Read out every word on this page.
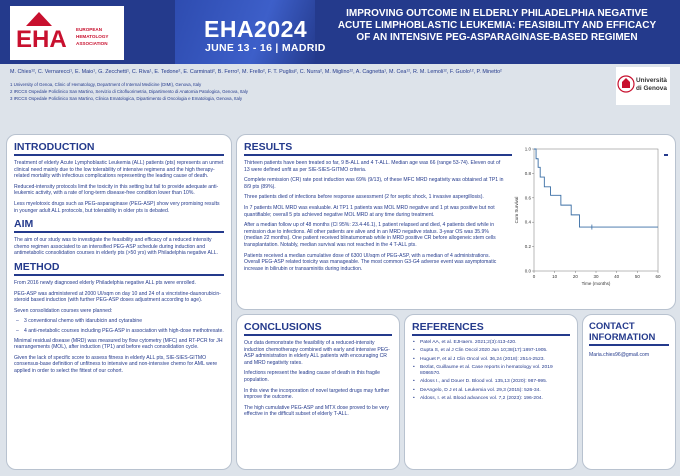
EHA EUROPEAN
HEMATOLOGY
ASSOCIATION
EHA2024
JUNE 13 - 16 | MADRID
IMPROVING OUTCOME IN ELDERLY PHILADELPHIA NEGATIVE
ACUTE LIMPHOBLASTIC LEUKEMIA: FEASIBILITY AND EFFICACY
OF AN INTENSIVE PEG-ASPARAGINASE-BASED REGIMEN
M. Chies¹², C. Vernarecci¹, E. Maio¹, G. Zecchetti¹, C. Riva¹, E. Tedone², E. Carminati², B. Ferro², M. Frello², F. T. Puglisi², C. Nurra², M. Miglino¹², A. Cagnetta¹, M. Cea¹², R. M. Lemoli¹², F. Guolo¹², P. Minetto²
1 University of Genoa, Clinic of Hematology, Department of Internal Medicine (DIMI), Genova, Italy
2 IRCCS Ospedale Policlinico San Martino, Servizio di Citofluorimetria, Dipartimento di Anatomia Patologica, Genova, Italy
3 IRCCS Ospedale Policlinico San Martino, Clinica Ematologica, Dipartimento di Oncologia e Ematologia, Genova, Italy
Università
di Genova
INTRODUCTION

Treatment of elderly Acute Lymphoblastic Leukemia (ALL) patients (pts) represents an unmet clinical need mainly due to the low tolerability of intensive regimens and the high therapy-related mortality with infectious complications representing the leading cause of death.

Reduced-intensity protocols limit the toxicity in this setting but fail to provide adequate anti-leukemic activity, with a rate of long-term disease-free condition lower than 10%.

Less myelotoxic drugs such as PEG-asparaginase (PEG-ASP) show very promising results in younger adult ALL protocols, but tolerability in older pts is debated.

AIM

The aim of our study was to investigate the feasibility and efficacy of a reduced intensity chemo regimen associated to an intensified PEG-ASP schedule during induction and antimetabolic consolidation courses in elderly pts (>50 yrs) with Philadelphia negative ALL.

METHOD

From 2016 newly diagnosed elderly Philadelphia negative ALL pts were enrolled.

PEG-ASP was administered at 2000 UI/sqm on day 10 and 24 of a vincristine-daunorubicin-steroid based induction (with further PEG-ASP doses adjustment according to age).

Seven consolidation courses were planned:

– 3 conventional chemo with idarubicin and cytarabine
– 4 anti-metabolic courses including PEG-ASP in association with high-dose methotrexate.

Minimal residual disease (MRD) was measured by flow cytometry (MFC) and RT-PCR for JH rearrangements (MOL), after induction (TP1) and before each consolidation cycle.

Given the lack of specific score to assess fitness in elderly ALL pts, SIE-SIES-GITMO consensus-base definition of unfitness to intensive and non-intensive chemo for AML were applied in order to select the fittest of our cohort.

RESULTS

Thirteen patients have been treated so far, 9 B-ALL and 4 T-ALL. Median age was 66 (range 53-74). Eleven out of 13 were defined unfit as per SIE-SIES-GITMO criteria.

Complete remission (CR) rate post induction was 69% (9/13), of these MFC MRD negativity was obtained at TP1 in 8/9 pts (89%).

Three patients died of infections before response assessment (2 for septic shock, 1 invasive aspergillosis).

In 7 patients MOL MRD was evaluable. At TP1 1 patients was MOL MRD negative and 1 pt was positive but not quantifiable; overall 5 pts achieved negative MOL MRD at any time during treatment.

After a median follow up of 48 months (CI 95%: 23.4-46.1), 1 patient relapsed and died, 4 patients died while in remission due to infections. All other patients are alive and in an MRD negative status. 3-year OS was 35.9% (median 22 months). One patient received blinatumomab while in MRD positive CR before allogeneic stem cells transplantation. Notably, median survival was not reached in the 4 T-ALL pts.

Patients received a median cumulative dose of 6300 UI/sqm of PEG-ASP, with a median of 4 administrations. Overall PEG-ASP related toxicity was manageable. The most common G3-G4 adverse event was asymptomatic increase in bilirubin or transaminitis during induction.	0.0
0.2
0.4
0.6
0.8
1.0
0	10	20	30	40	50	60
Time (months)
Cum Survival
CONCLUSIONS

Our data demonstrate the feasibility of a reduced-intensity induction chemotherapy combined with early and intensive PEG-ASP administration in elderly ALL patients with encouraging CR and MRD negativity rates.

Infections represent the leading cause of death in this fragile population.

In this view the incorporation of novel targeted drugs may further improve the outcome.

The high cumulative PEG-ASP and MTX dose proved to be very effective in the difficult subset of elderly T-ALL.

REFERENCES
• Patel AA, et al. EJHaem. 2021;2(3):413-420.
• Gupta S, et al J Clin Oncol 2020 Jun 10;38(17):1897-1905.
• Huguet F, et al J Clin Oncol vol. 36,24 (2018): 2514-2523.
• Bezlat, Guillaume et al. Case reports in hematology vol. 2019 8086570.
• Aldoss I., and Douer D. Blood vol. 135,13 (2020): 987-995.
• DeAngelo, D J et al. Leukemia vol. 29,3 (2015): 526-34.
• Aldoss, I. et al. Blood advances vol. 7,2 (2023): 196-204.
CONTACT INFORMATION

Maria.chies96@gmail.com
